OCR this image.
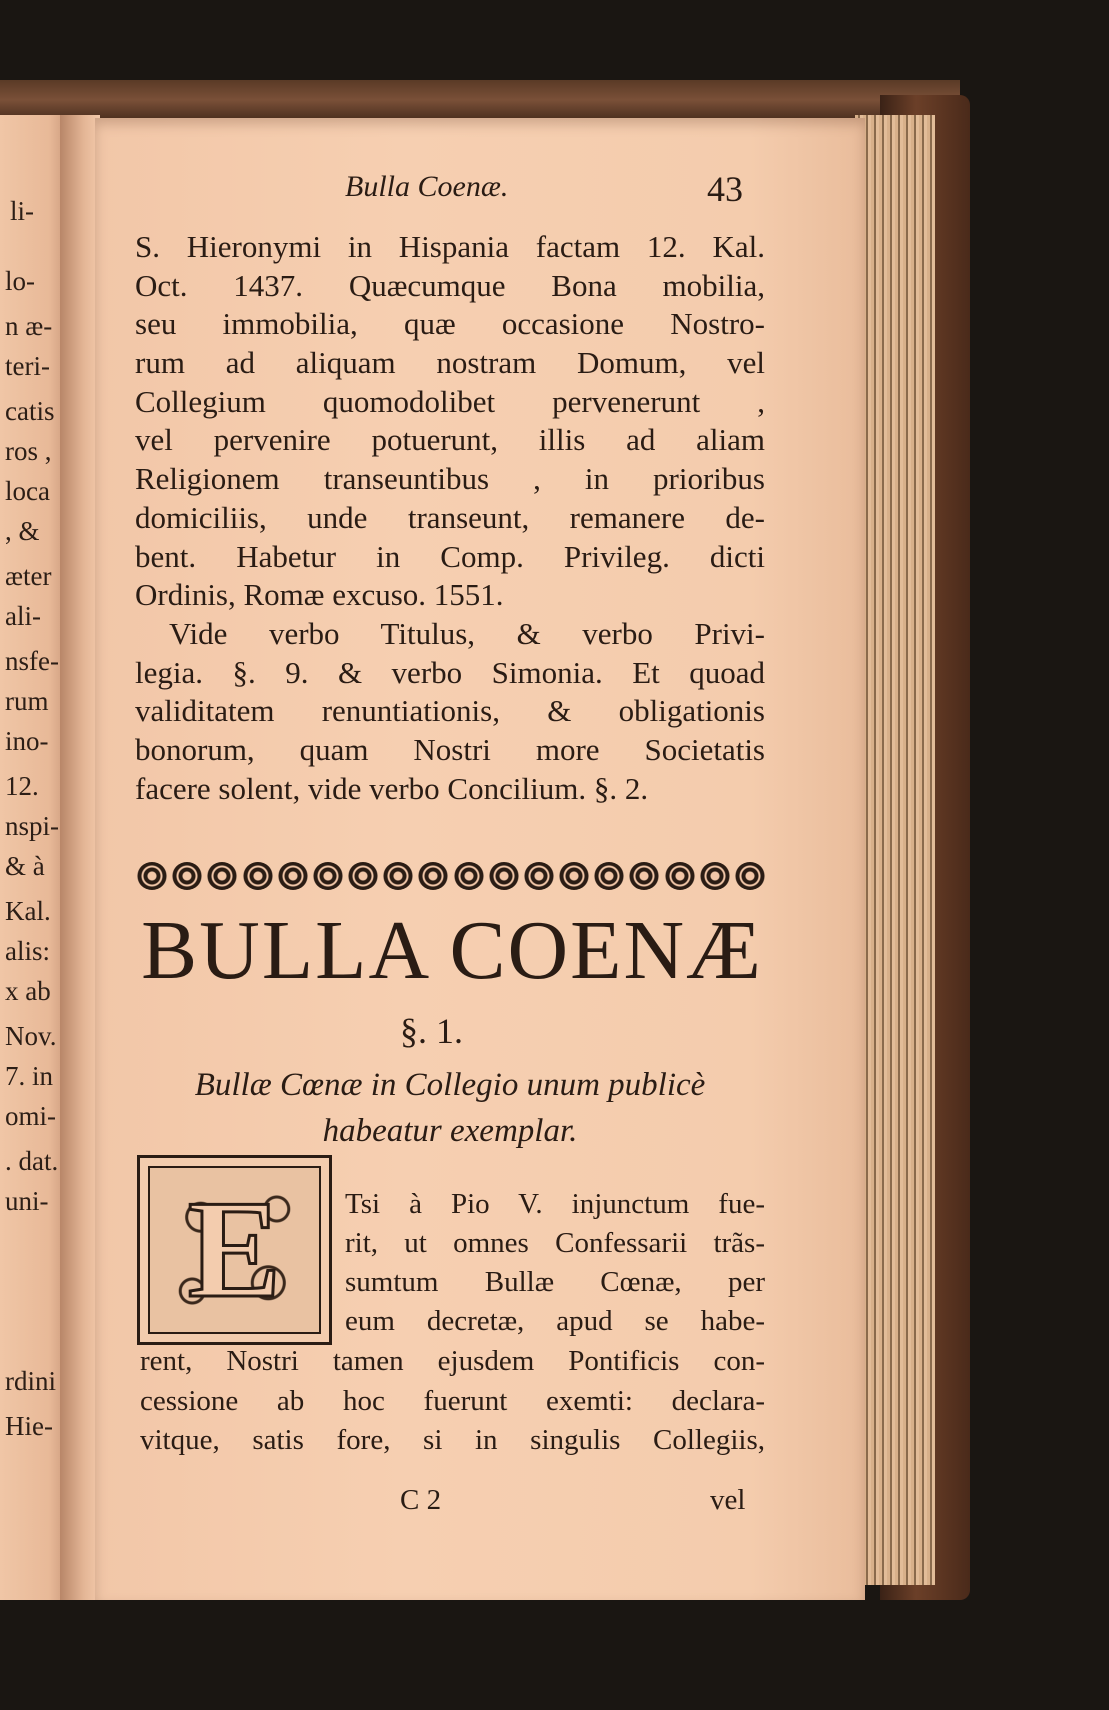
li-
lo-
n æ-
teri-
catis
ros ,
loca
, &
æter
ali-
nsfe-
rum
ino-
12.
nspi-
& à
Kal.
alis:
x ab
Nov.
7. in
omi-
. dat.
uni-
rdini
Hie-
Bulla Coenæ.	43
S. Hieronymi in Hispania factam 12. Kal.
Oct. 1437. Quæcumque Bona mobilia,
seu immobilia, quæ occasione Nostro-
rum ad aliquam nostram Domum, vel
Collegium quomodolibet pervenerunt ,
vel pervenire potuerunt, illis ad aliam
Religionem transeuntibus , in prioribus
domiciliis, unde transeunt, remanere de-
bent. Habetur in Comp. Privileg. dicti
Ordinis, Romæ excuso. 1551.
Vide verbo Titulus, & verbo Privi-
legia. §. 9. & verbo Simonia. Et quoad
validitatem renuntiationis, & obligationis
bonorum, quam Nostri more Societatis
facere solent, vide verbo Concilium. §. 2.
BULLA COENÆ
§. 1.
Bullæ Cœnæ in Collegio unum publicè
habeatur exemplar.
E Tsi à Pio V. injunctum fue-
rit, ut omnes Confessarii trãs-
sumtum Bullæ Cœnæ, per
eum decretæ, apud se habe-
rent, Nostri tamen ejusdem Pontificis con-
cessione ab hoc fuerunt exemti: declara-
vitque, satis fore, si in singulis Collegiis,
C 2	vel
